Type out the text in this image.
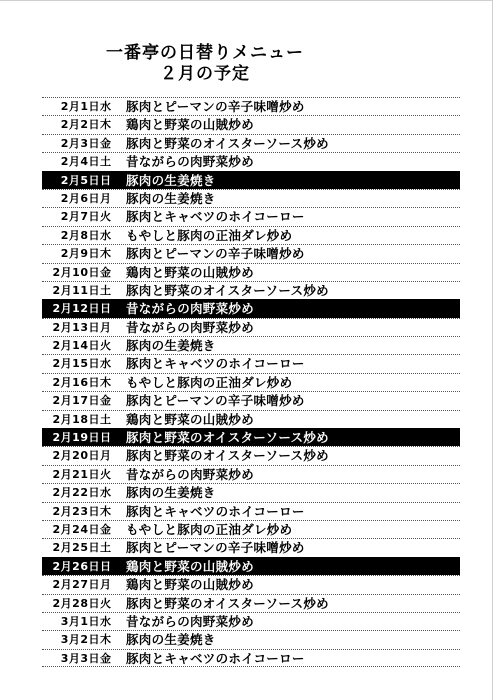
一番亭の日替りメニュー
２月の予定
2月1日 水 豚肉とピーマンの辛子味噌炒め
2月2日 木 鶏肉と野菜の山賊炒め
2月3日 金 豚肉と野菜のオイスターソース炒め
2月4日 土 昔ながらの肉野菜炒め
2月5日 日 豚肉の生姜焼き
2月6日 月 豚肉の生姜焼き
2月7日 火 豚肉とキャベツのホイコーロー
2月8日 水 もやしと豚肉の正油ダレ炒め
2月9日 木 豚肉とピーマンの辛子味噌炒め
2月10日 金 鶏肉と野菜の山賊炒め
2月11日 土 豚肉と野菜のオイスターソース炒め
2月12日 日 昔ながらの肉野菜炒め
2月13日 月 昔ながらの肉野菜炒め
2月14日 火 豚肉の生姜焼き
2月15日 水 豚肉とキャベツのホイコーロー
2月16日 木 もやしと豚肉の正油ダレ炒め
2月17日 金 豚肉とピーマンの辛子味噌炒め
2月18日 土 鶏肉と野菜の山賊炒め
2月19日 日 豚肉と野菜のオイスターソース炒め
2月20日 月 豚肉と野菜のオイスターソース炒め
2月21日 火 昔ながらの肉野菜炒め
2月22日 水 豚肉の生姜焼き
2月23日 木 豚肉とキャベツのホイコーロー
2月24日 金 もやしと豚肉の正油ダレ炒め
2月25日 土 豚肉とピーマンの辛子味噌炒め
2月26日 日 鶏肉と野菜の山賊炒め
2月27日 月 鶏肉と野菜の山賊炒め
2月28日 火 豚肉と野菜のオイスターソース炒め
3月1日 水 昔ながらの肉野菜炒め
3月2日 木 豚肉の生姜焼き
3月3日 金 豚肉とキャベツのホイコーロー
